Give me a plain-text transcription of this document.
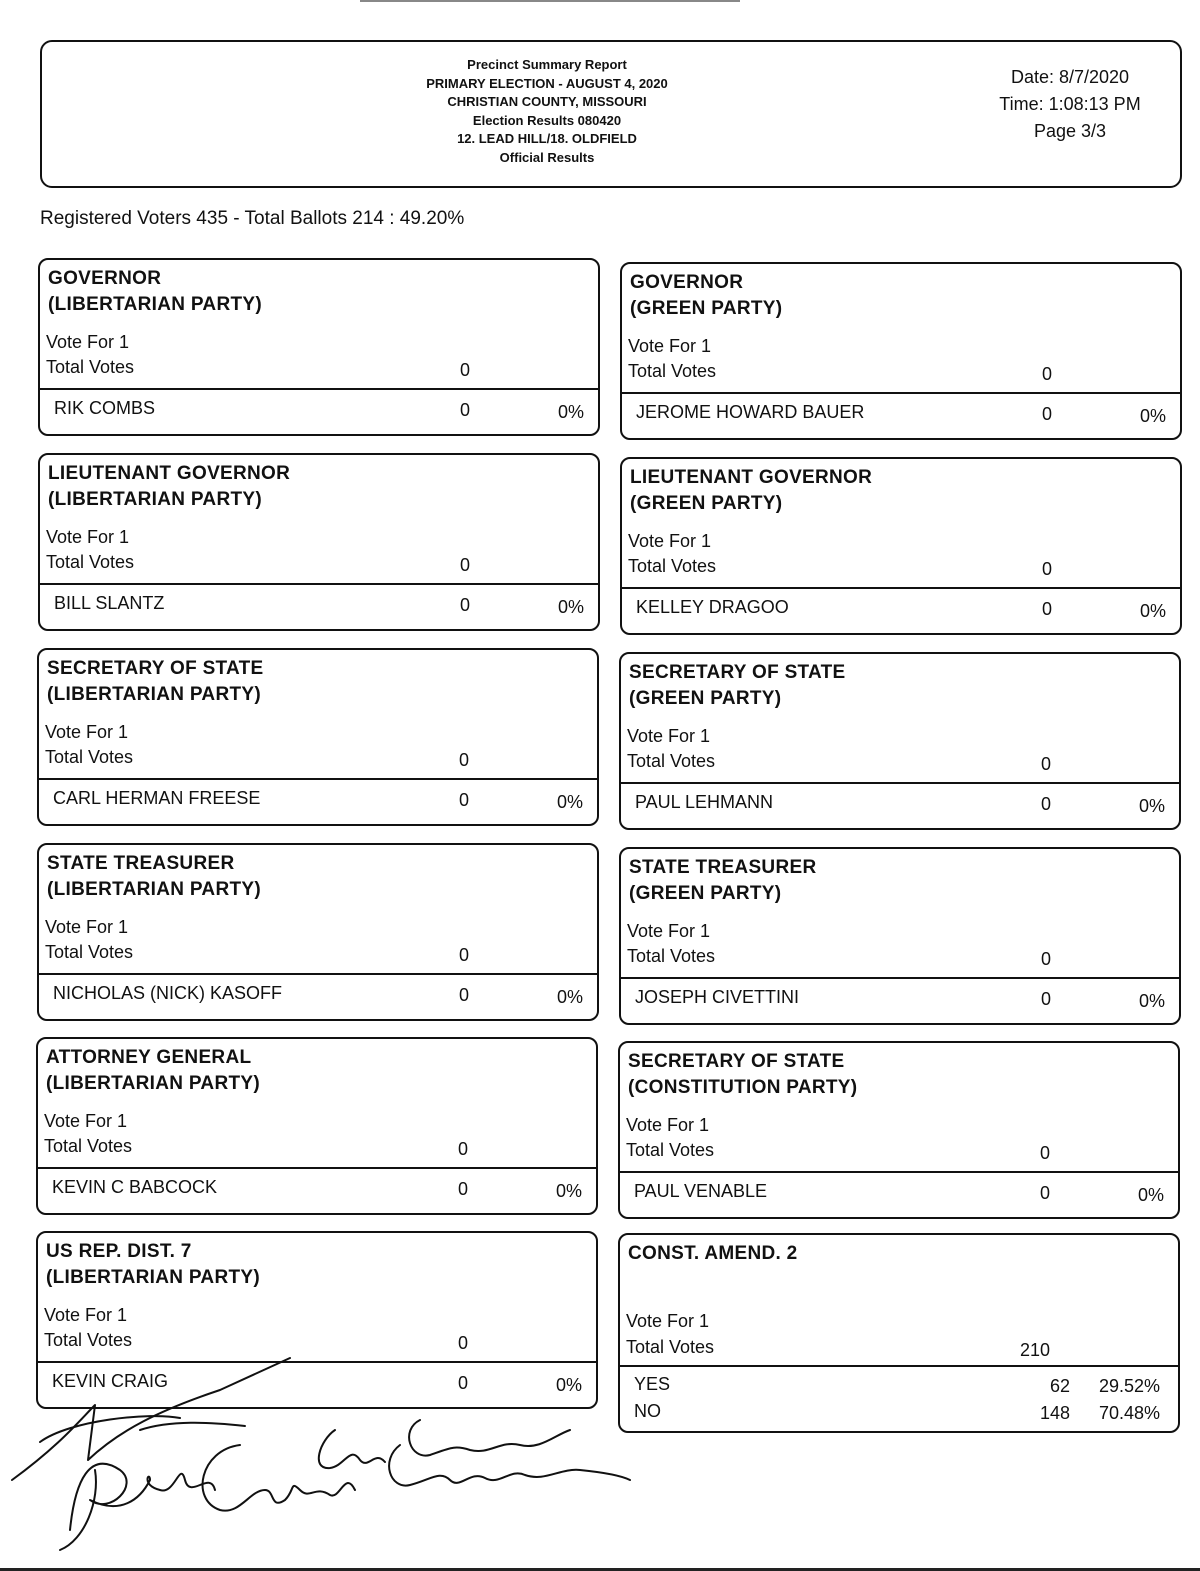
Precinct Summary Report
PRIMARY ELECTION - AUGUST 4, 2020
CHRISTIAN COUNTY, MISSOURI
Election Results 080420
12. LEAD HILL/18. OLDFIELD
Official Results
Date: 8/7/2020
Time: 1:08:13 PM
Page 3/3
Registered Voters 435 - Total Ballots 214 : 49.20%
GOVERNOR
(LIBERTARIAN PARTY)
Vote For 1
Total Votes	0
RIK COMBS	0	0%
GOVERNOR
(GREEN PARTY)
Vote For 1
Total Votes	0
JEROME HOWARD BAUER	0	0%
LIEUTENANT GOVERNOR
(LIBERTARIAN PARTY)
Vote For 1
Total Votes	0
BILL SLANTZ	0	0%
LIEUTENANT GOVERNOR
(GREEN PARTY)
Vote For 1
Total Votes	0
KELLEY DRAGOO	0	0%
SECRETARY OF STATE
(LIBERTARIAN PARTY)
Vote For 1
Total Votes	0
CARL HERMAN FREESE	0	0%
SECRETARY OF STATE
(GREEN PARTY)
Vote For 1
Total Votes	0
PAUL LEHMANN	0	0%
STATE TREASURER
(LIBERTARIAN PARTY)
Vote For 1
Total Votes	0
NICHOLAS (NICK) KASOFF	0	0%
STATE TREASURER
(GREEN PARTY)
Vote For 1
Total Votes	0
JOSEPH CIVETTINI	0	0%
ATTORNEY GENERAL
(LIBERTARIAN PARTY)
Vote For 1
Total Votes	0
KEVIN C BABCOCK	0	0%
SECRETARY OF STATE
(CONSTITUTION PARTY)
Vote For 1
Total Votes	0
PAUL VENABLE	0	0%
US REP. DIST. 7
(LIBERTARIAN PARTY)
Vote For 1
Total Votes	0
KEVIN CRAIG	0	0%
CONST. AMEND. 2
Vote For 1
Total Votes	210
YES	62 29.52%
NO	148 70.48%
